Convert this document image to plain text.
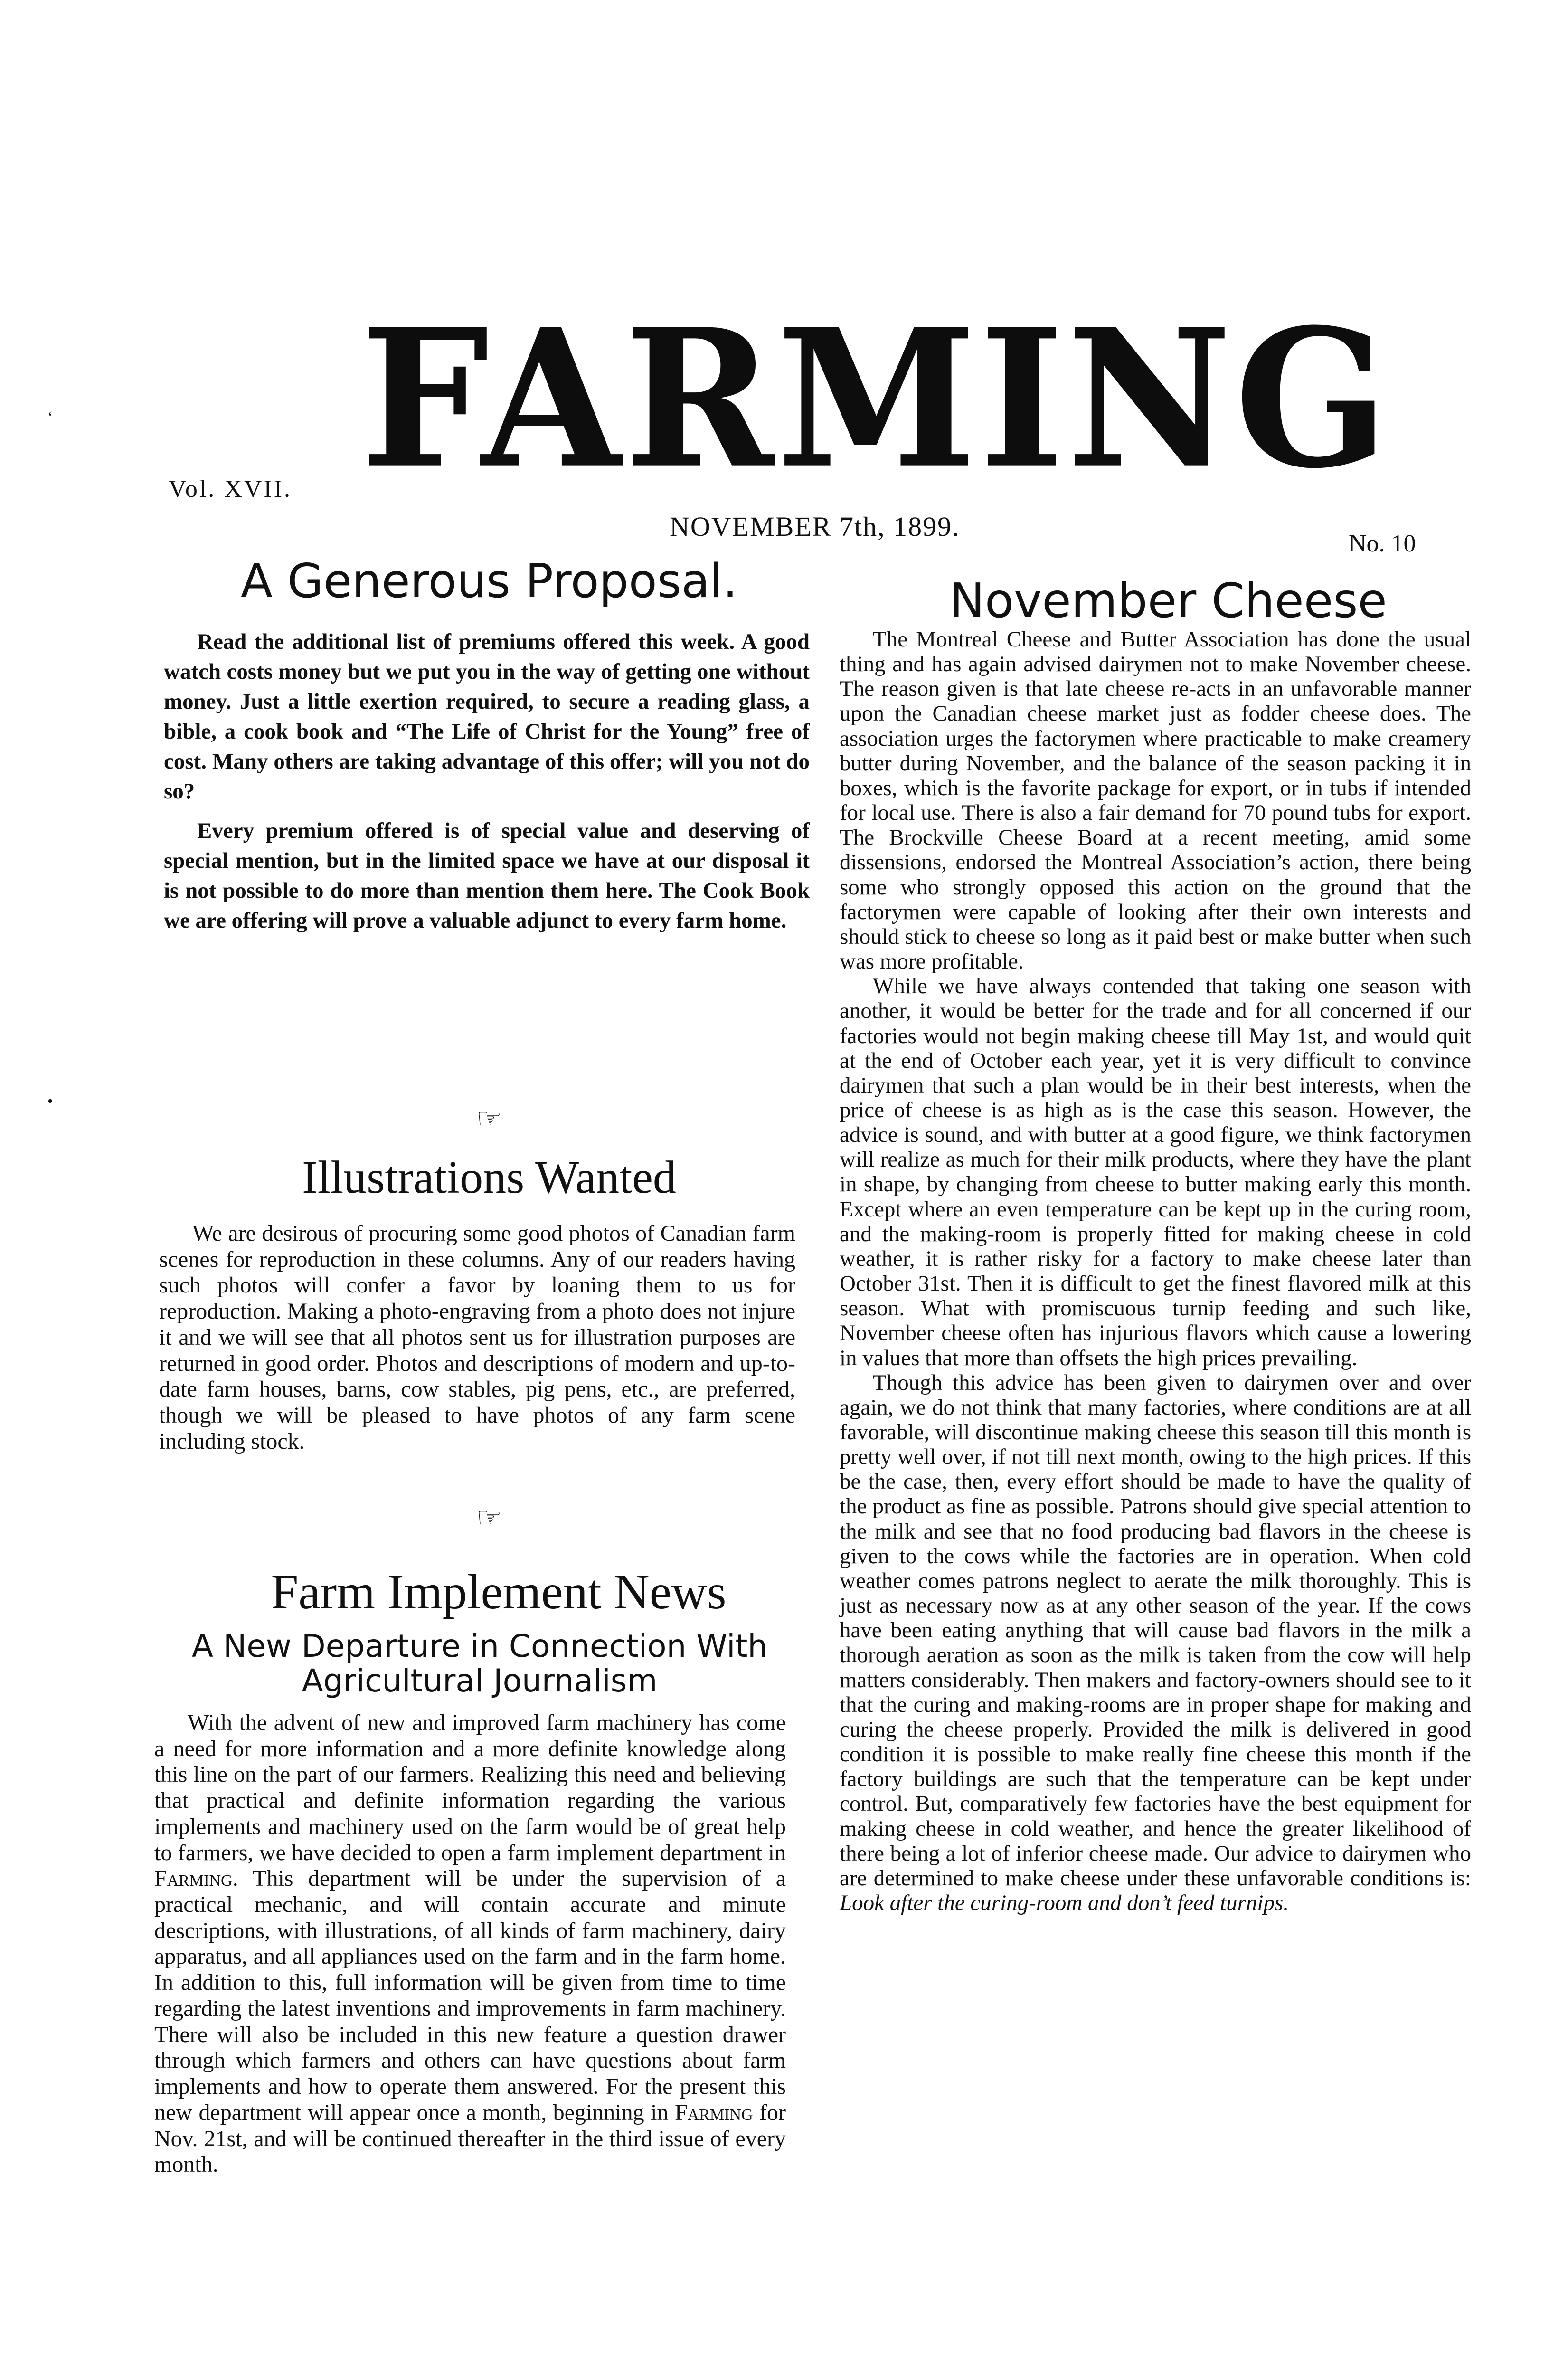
FARMING
Vol. XVII.
NOVEMBER 7th, 1899.
No. 10
A Generous Proposal.

Read the additional list of premiums offered this week. A good watch costs money but we put you in the way of getting one without money. Just a little exertion required, to secure a reading glass, a bible, a cook book and “The Life of Christ for the Young” free of cost. Many others are taking advantage of this offer; will you not do so?

Every premium offered is of special value and deserving of special mention, but in the limited space we have at our disposal it is not possible to do more than mention them here. The Cook Book we are offering will prove a valuable adjunct to every farm home.

☞
Illustrations Wanted

We are desirous of procuring some good photos of Canadian farm scenes for reproduction in these columns. Any of our readers having such photos will confer a favor by loaning them to us for reproduction. Making a photo-engraving from a photo does not injure it and we will see that all photos sent us for illustration purposes are returned in good order. Photos and descriptions of modern and up-to-date farm houses, barns, cow stables, pig pens, etc., are preferred, though we will be pleased to have photos of any farm scene including stock.

☞
Farm Implement News
A New Departure in Connection With Agricultural Journalism

With the advent of new and improved farm machinery has come a need for more information and a more definite knowledge along this line on the part of our farmers. Realizing this need and believing that practical and definite information regarding the various implements and machinery used on the farm would be of great help to farmers, we have decided to open a farm implement department in Farming. This department will be under the supervision of a practical mechanic, and will contain accurate and minute descriptions, with illustrations, of all kinds of farm machinery, dairy apparatus, and all appliances used on the farm and in the farm home. In addition to this, full information will be given from time to time regarding the latest inventions and improvements in farm machinery. There will also be included in this new feature a question drawer through which farmers and others can have questions about farm implements and how to operate them answered. For the present this new department will appear once a month, beginning in Farming for Nov. 21st, and will be continued thereafter in the third issue of every month.

November Cheese

The Montreal Cheese and Butter Association has done the usual thing and has again advised dairymen not to make November cheese. The reason given is that late cheese re-acts in an unfavorable manner upon the Canadian cheese market just as fodder cheese does. The association urges the factorymen where practicable to make creamery butter during November, and the balance of the season packing it in boxes, which is the favorite package for export, or in tubs if intended for local use. There is also a fair demand for 70 pound tubs for export. The Brockville Cheese Board at a recent meeting, amid some dissensions, endorsed the Montreal Association’s action, there being some who strongly opposed this action on the ground that the factorymen were capable of looking after their own interests and should stick to cheese so long as it paid best or make butter when such was more profitable.

While we have always contended that taking one season with another, it would be better for the trade and for all concerned if our factories would not begin making cheese till May 1st, and would quit at the end of October each year, yet it is very difficult to convince dairymen that such a plan would be in their best interests, when the price of cheese is as high as is the case this season. However, the advice is sound, and with butter at a good figure, we think factorymen will realize as much for their milk products, where they have the plant in shape, by changing from cheese to butter making early this month. Except where an even temperature can be kept up in the curing room, and the making-room is properly fitted for making cheese in cold weather, it is rather risky for a factory to make cheese later than October 31st. Then it is difficult to get the finest flavored milk at this season. What with promiscuous turnip feeding and such like, November cheese often has injurious flavors which cause a lowering in values that more than offsets the high prices prevailing.

Though this advice has been given to dairymen over and over again, we do not think that many factories, where conditions are at all favorable, will discontinue making cheese this season till this month is pretty well over, if not till next month, owing to the high prices. If this be the case, then, every effort should be made to have the quality of the product as fine as possible. Patrons should give special attention to the milk and see that no food producing bad flavors in the cheese is given to the cows while the factories are in operation. When cold weather comes patrons neglect to aerate the milk thoroughly. This is just as necessary now as at any other season of the year. If the cows have been eating anything that will cause bad flavors in the milk a thorough aeration as soon as the milk is taken from the cow will help matters considerably. Then makers and factory-owners should see to it that the curing and making-rooms are in proper shape for making and curing the cheese properly. Provided the milk is delivered in good condition it is possible to make really fine cheese this month if the factory buildings are such that the temperature can be kept under control. But, comparatively few factories have the best equipment for making cheese in cold weather, and hence the greater likelihood of there being a lot of inferior cheese made. Our advice to dairymen who are determined to make cheese under these unfavorable conditions is: Look after the curing-room and don’t feed turnips.

‘
•
